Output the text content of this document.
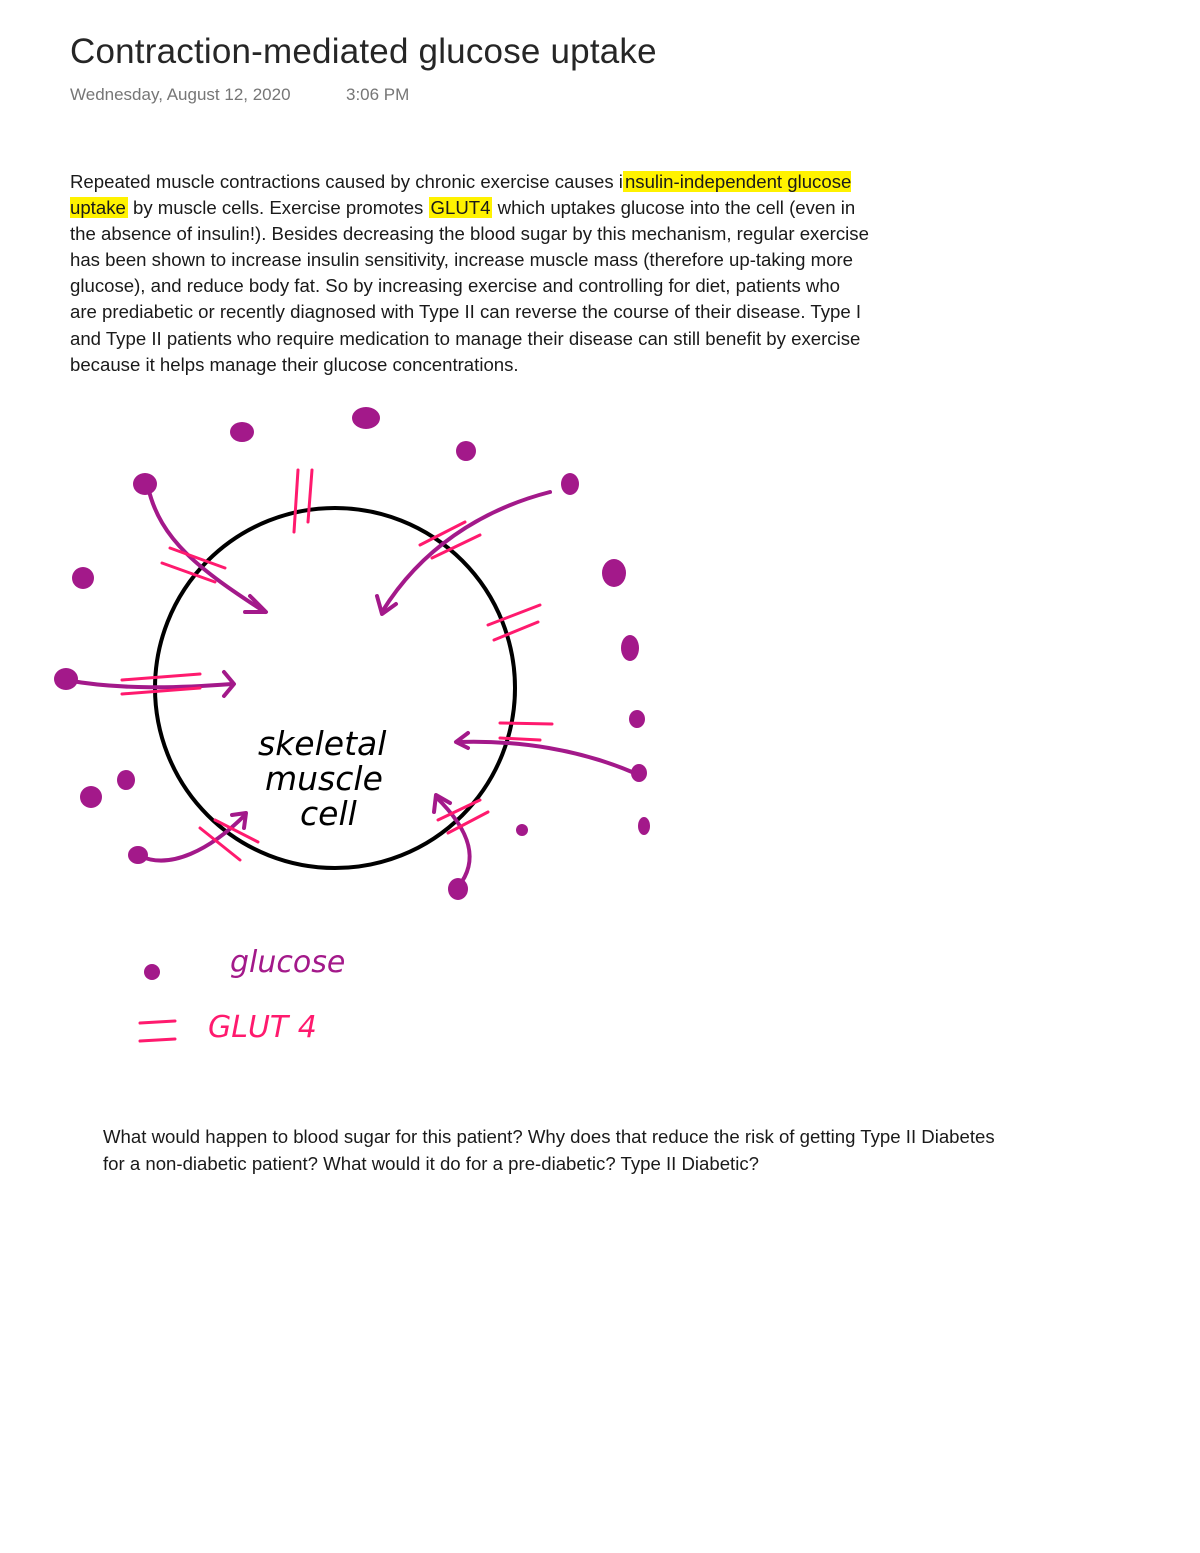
Contraction-mediated glucose uptake
Wednesday, August 12, 2020	3:06 PM

Repeated muscle contractions caused by chronic exercise causes i nsulin-independent glucose uptake by muscle cells. Exercise promotes GLUT4 which uptakes glucose into the cell (even in the absence of insulin!). Besides decreasing the blood sugar by this mechanism, regular exercise has been shown to increase insulin sensitivity, increase muscle mass (therefore up-taking more glucose), and reduce body fat. So by increasing exercise and controlling for diet, patients who are prediabetic or recently diagnosed with Type II can reverse the course of their disease. Type I and Type II patients who require medication to manage their disease can still benefit by exercise because it helps manage their glucose concentrations.

skeletal
muscle
cell
glucose
GLUT 4

What would happen to blood sugar for this patient? Why does that reduce the risk of getting Type II Diabetes for a non-diabetic patient? What would it do for a pre-diabetic? Type II Diabetic?
